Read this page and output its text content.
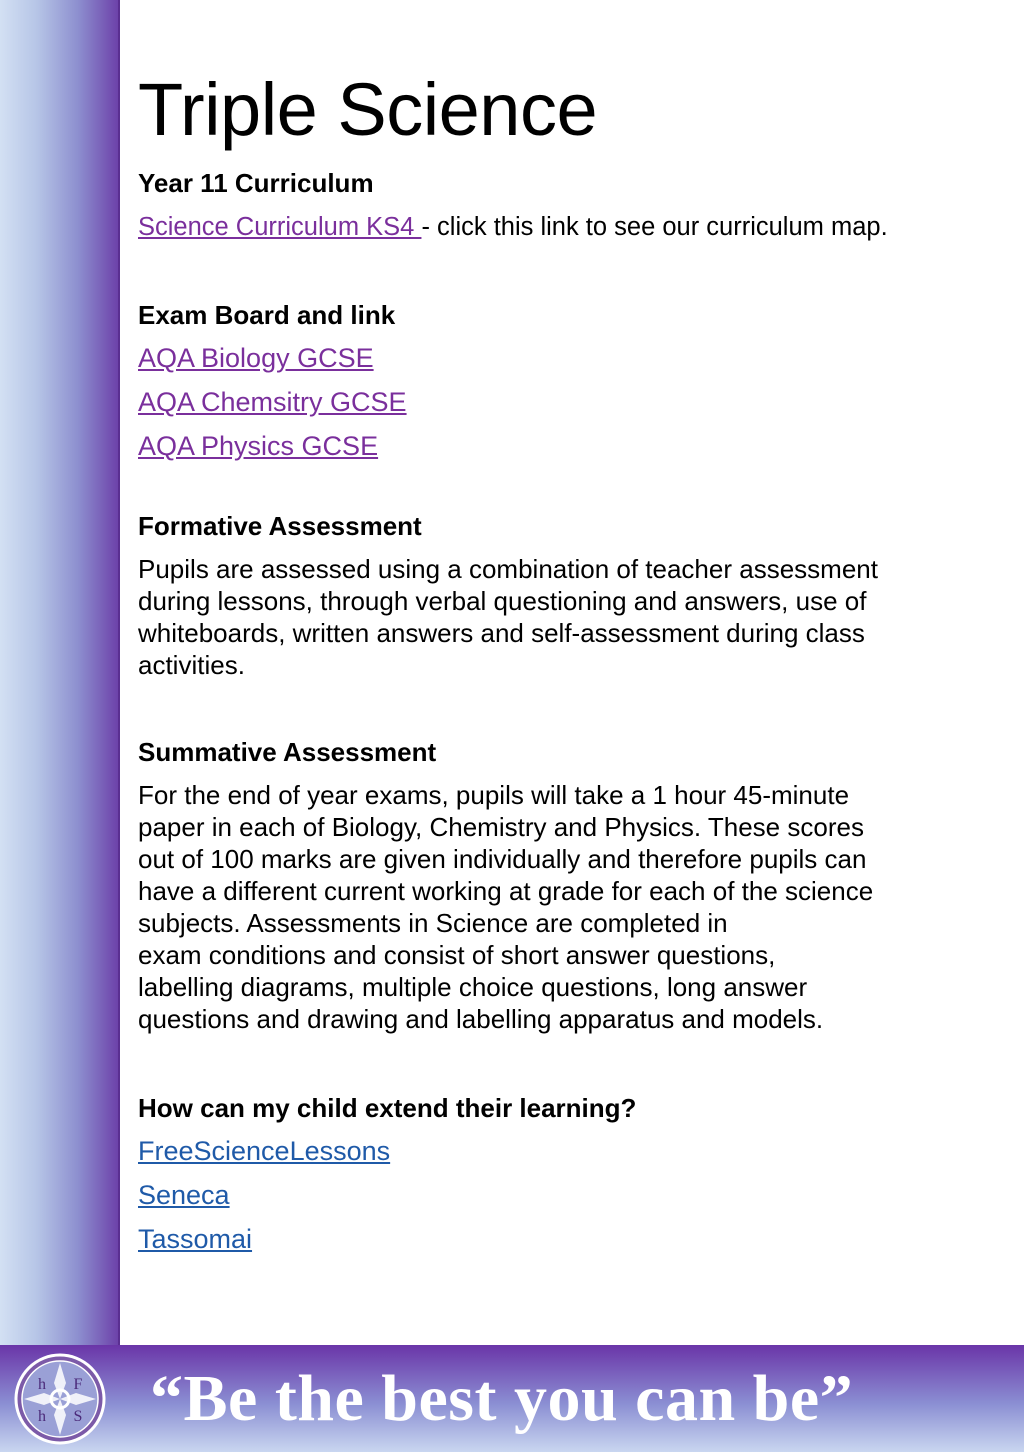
Triple Science

Year 11 Curriculum

Science Curriculum KS4 - click this link to see our curriculum map.

Exam Board and link

AQA Biology GCSE
AQA Chemsitry GCSE
AQA Physics GCSE

Formative Assessment

Pupils are assessed using a combination of teacher assessment

during lessons, through verbal questioning and answers, use of

whiteboards, written answers and self-assessment during class

activities.

Summative Assessment

For the end of year exams, pupils will take a 1 hour 45-minute

paper in each of Biology, Chemistry and Physics. These scores

out of 100 marks are given individually and therefore pupils can

have a different current working at grade for each of the science

subjects. Assessments in Science are completed in

exam conditions and consist of short answer questions,

labelling diagrams, multiple choice questions, long answer

questions and drawing and labelling apparatus and models.

How can my child extend their learning?

FreeScienceLessons
Seneca
Tassomai
h F
h S “Be the best you can be”
